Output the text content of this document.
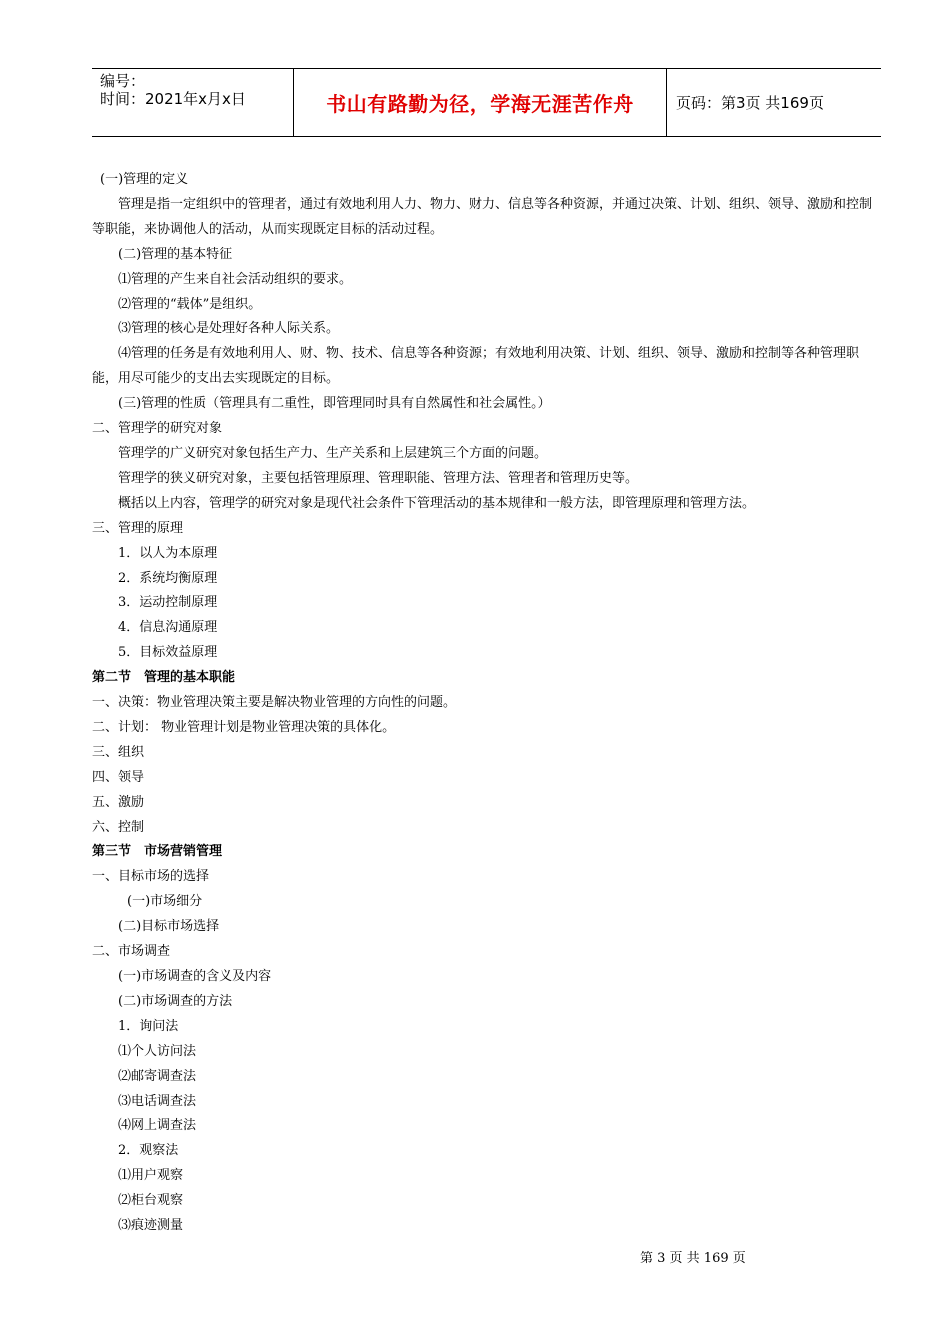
编号：
时间：2021年x月x日	书山有路勤为径，学海无涯苦作舟	页码：第3页 共169页
(一)管理的定义
管理是指一定组织中的管理者，通过有效地利用人力、物力、财力、信息等各种资源，并通过决策、计划、组织、领导、激励和控制等职能，来协调他人的活动，从而实现既定目标的活动过程。
(二)管理的基本特征
⑴管理的产生来自社会活动组织的要求。
⑵管理的“载体”是组织。
⑶管理的核心是处理好各种人际关系。
⑷管理的任务是有效地利用人、财、物、技术、信息等各种资源；有效地利用决策、计划、组织、领导、激励和控制等各种管理职能，用尽可能少的支出去实现既定的目标。
(三)管理的性质（管理具有二重性，即管理同时具有自然属性和社会属性。）
二、管理学的研究对象
管理学的广义研究对象包括生产力、生产关系和上层建筑三个方面的问题。
管理学的狭义研究对象，主要包括管理原理、管理职能、管理方法、管理者和管理历史等。
概括以上内容，管理学的研究对象是现代社会条件下管理活动的基本规律和一般方法，即管理原理和管理方法。
三、管理的原理
1．以人为本原理
2．系统均衡原理
3．运动控制原理
4．信息沟通原理
5．目标效益原理
第二节　管理的基本职能
一、决策：物业管理决策主要是解决物业管理的方向性的问题。
二、计划： 物业管理计划是物业管理决策的具体化。
三、组织
四、领导
五、激励
六、控制
第三节　市场营销管理
一、目标市场的选择
(一)市场细分
(二)目标市场选择
二、市场调查
(一)市场调查的含义及内容
(二)市场调查的方法
1．询问法
⑴个人访问法
⑵邮寄调查法
⑶电话调查法
⑷网上调查法
2．观察法
⑴用户观察
⑵柜台观察
⑶痕迹测量
第 3 页 共 169 页
